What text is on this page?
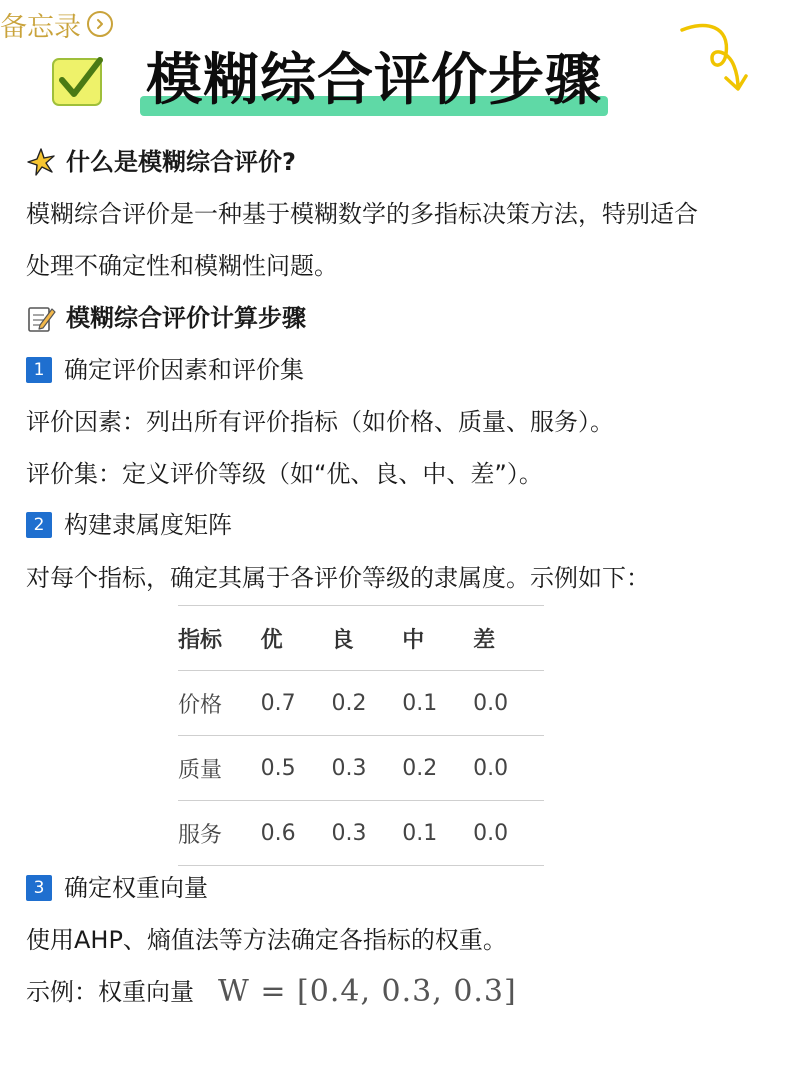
备忘录
模糊综合评价步骤
什么是模糊综合评价?
模糊综合评价是一种基于模糊数学的多指标决策方法，特别适合
处理不确定性和模糊性问题。
模糊综合评价计算步骤
1 确定评价因素和评价集
评价因素：列出所有评价指标（如价格、质量、服务）。
评价集：定义评价等级（如“优、良、中、差”）。
2 构建隶属度矩阵
对每个指标，确定其属于各评价等级的隶属度。示例如下：
指标	优	良	中	差
价格	0.7	0.2	0.1	0.0
质量	0.5	0.3	0.2	0.0
服务	0.6	0.3	0.1	0.0
3 确定权重向量
使用AHP、熵值法等方法确定各指标的权重。
示例：权重向量 W = [0.4, 0.3, 0.3]
